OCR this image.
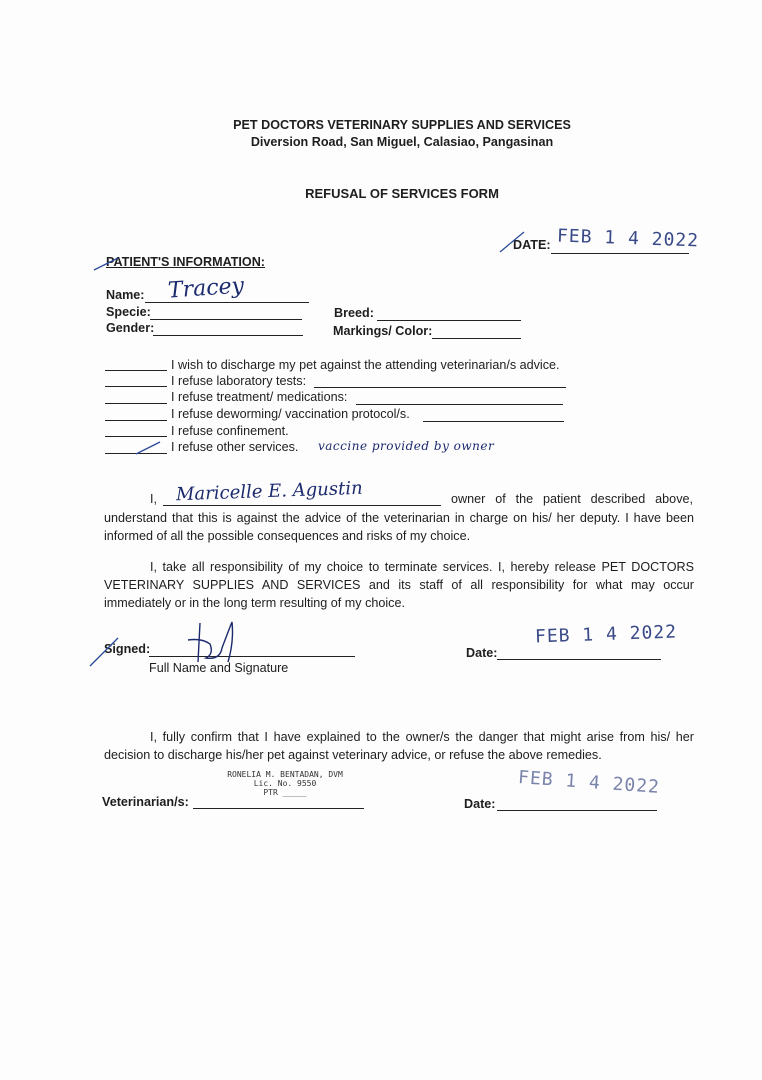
PET DOCTORS VETERINARY SUPPLIES AND SERVICES
Diversion Road, San Miguel, Calasiao, Pangasinan
REFUSAL OF SERVICES FORM
DATE: FEB 1 4 2022
PATIENT'S INFORMATION:
Name: Tracey
Specie:
Gender:
Breed:
Markings/ Color:
I wish to discharge my pet against the attending veterinarian/s advice.
I refuse laboratory tests:
I refuse treatment/ medications:
I refuse deworming/ vaccination protocol/s.
I refuse confinement.
I refuse other services. vaccine provided by owner
I, Maricelle E. Agustin	owner of the patient described above,
understand that this is against the advice of the veterinarian in charge on his/ her deputy. I have been informed of all the possible consequences and risks of my choice.
I, take all responsibility of my choice to terminate services. I, hereby release PET DOCTORS VETERINARY SUPPLIES AND SERVICES and its staff of all responsibility for what may occur immediately or in the long term resulting of my choice.
Signed:
Full Name and Signature
Date:
FEB 1 4 2022
I, fully confirm that I have explained to the owner/s the danger that might arise from his/ her decision to discharge his/her pet against veterinary advice, or refuse the above remedies.
RONELIA M. BENTADAN, DVM
Lic. No. 9550
PTR _____
Veterinarian/s:	Date:
FEB 1 4 2022
